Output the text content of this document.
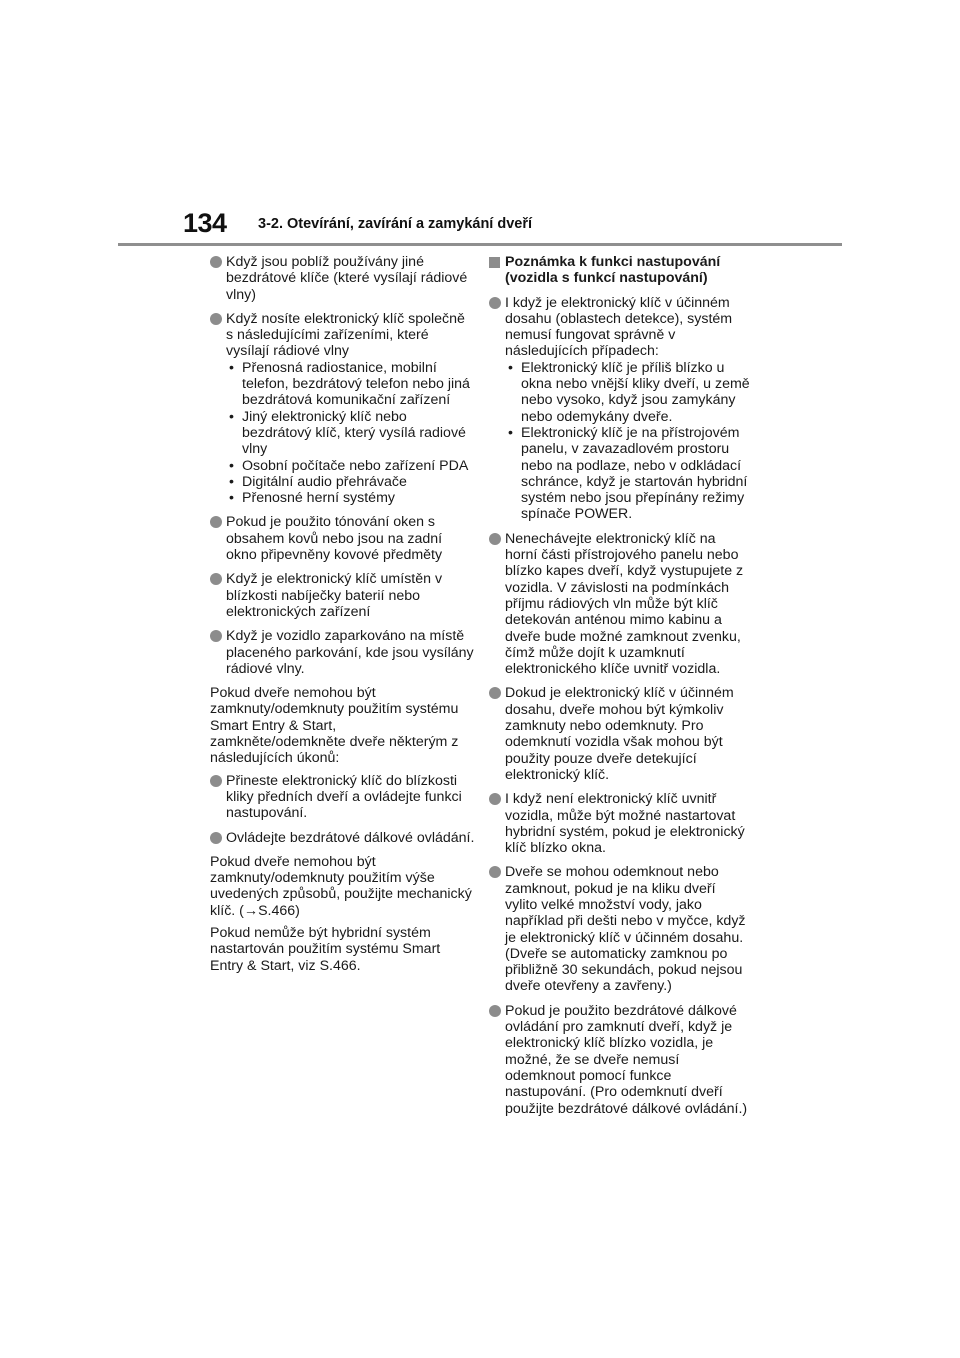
134 3-2. Otevírání, zavírání a zamykání dveří
Když jsou poblíž používány jiné bezdrátové klíče (které vysílají rádiové vlny)
Když nosíte elektronický klíč společně s následujícími zařízeními, které vysílají rádiové vlny
• Přenosná radiostanice, mobilní telefon, bezdrátový telefon nebo jiná bezdrátová komunikační zařízení
• Jiný elektronický klíč nebo bezdrátový klíč, který vysílá radiové vlny
• Osobní počítače nebo zařízení PDA
• Digitální audio přehrávače
• Přenosné herní systémy
Pokud je použito tónování oken s obsahem kovů nebo jsou na zadní okno připevněny kovové předměty
Když je elektronický klíč umístěn v blízkosti nabíječky baterií nebo elektronických zařízení
Když je vozidlo zaparkováno na místě placeného parkování, kde jsou vysílány rádiové vlny.
Pokud dveře nemohou být zamknuty/odemknuty použitím systému Smart Entry & Start, zamkněte/odemkněte dveře některým z následujících úkonů:
Přineste elektronický klíč do blízkosti kliky předních dveří a ovládejte funkci nastupování.
Ovládejte bezdrátové dálkové ovládání.
Pokud dveře nemohou být zamknuty/odemknuty použitím výše uvedených způsobů, použijte mechanický klíč. (→S.466)
Pokud nemůže být hybridní systém nastartován použitím systému Smart Entry & Start, viz S.466.
Poznámka k funkci nastupování (vozidla s funkcí nastupování)
I když je elektronický klíč v účinném dosahu (oblastech detekce), systém nemusí fungovat správně v následujících případech:
• Elektronický klíč je příliš blízko u okna nebo vnější kliky dveří, u země nebo vysoko, když jsou zamykány nebo odemykány dveře.
• Elektronický klíč je na přístrojovém panelu, v zavazadlovém prostoru nebo na podlaze, nebo v odkládací schránce, když je startován hybridní systém nebo jsou přepínány režimy spínače POWER.
Nenechávejte elektronický klíč na horní části přístrojového panelu nebo blízko kapes dveří, když vystupujete z vozidla. V závislosti na podmínkách příjmu rádiových vln může být klíč detekován anténou mimo kabinu a dveře bude možné zamknout zvenku, čímž může dojít k uzamknutí elektronického klíče uvnitř vozidla.
Dokud je elektronický klíč v účinném dosahu, dveře mohou být kýmkoliv zamknuty nebo odemknuty. Pro odemknutí vozidla však mohou být použity pouze dveře detekující elektronický klíč.
I když není elektronický klíč uvnitř vozidla, může být možné nastartovat hybridní systém, pokud je elektronický klíč blízko okna.
Dveře se mohou odemknout nebo zamknout, pokud je na kliku dveří vylito velké množství vody, jako například při dešti nebo v myčce, když je elektronický klíč v účinném dosahu. (Dveře se automaticky zamknou po přibližně 30 sekundách, pokud nejsou dveře otevřeny a zavřeny.)
Pokud je použito bezdrátové dálkové ovládání pro zamknutí dveří, když je elektronický klíč blízko vozidla, je možné, že se dveře nemusí odemknout pomocí funkce nastupování. (Pro odemknutí dveří použijte bezdrátové dálkové ovládání.)
